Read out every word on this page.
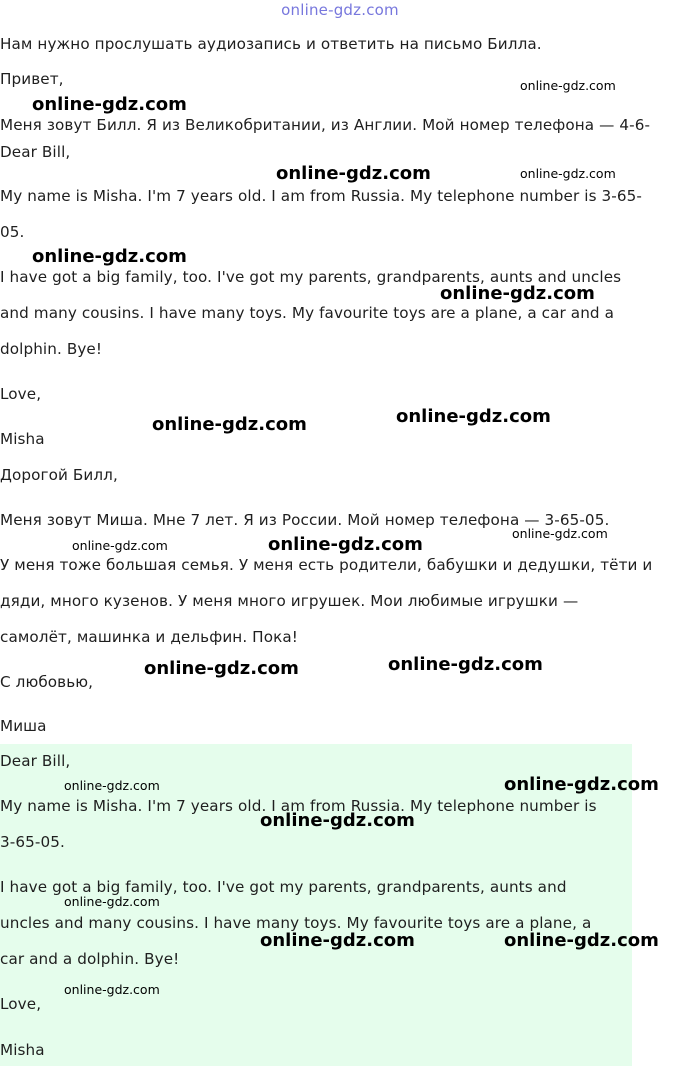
online-gdz.com
Нам нужно прослушать аудиозапись и ответить на письмо Билла.
Привет,
Меня зовут Билл. Я из Великобритании, из Англии. Мой номер телефона — 4-6-
Dear Bill,
My name is Misha. I'm 7 years old. I am from Russia. My telephone number is 3-65-
05.
I have got a big family, too. I've got my parents, grandparents, aunts and uncles
and many cousins. I have many toys. My favourite toys are a plane, a car and a
dolphin. Bye!
Love,
Misha
Дорогой Билл,
Меня зовут Миша. Мне 7 лет. Я из России. Мой номер телефона — 3-65-05.
У меня тоже большая семья. У меня есть родители, бабушки и дедушки, тёти и
дяди, много кузенов. У меня много игрушек. Мои любимые игрушки —
самолёт, машинка и дельфин. Пока!
С любовью,
Миша
Dear Bill,
My name is Misha. I'm 7 years old. I am from Russia. My telephone number is
3-65-05.
I have got a big family, too. I've got my parents, grandparents, aunts and
uncles and many cousins. I have many toys. My favourite toys are a plane, a
car and a dolphin. Bye!
Love,
Misha
online-gdz.com
online-gdz.com
online-gdz.com	online-gdz.com
online-gdz.com
online-gdz.com
online-gdz.com
online-gdz.com
online-gdz.com	online-gdz.com
online-gdz.com
online-gdz.com	online-gdz.com
online-gdz.com	online-gdz.com
online-gdz.com
online-gdz.com
online-gdz.com	online-gdz.com
online-gdz.com
